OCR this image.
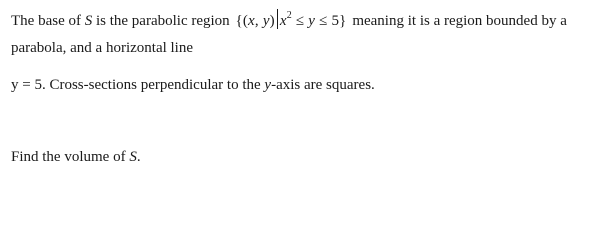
The base of S is the parabolic region {(x, y) $x^2 \le y \le 5$} meaning it is a region bounded by a
parabola, and a horizontal line
y = 5. Cross-sections perpendicular to the y-axis are squares.
Find the volume of S.
